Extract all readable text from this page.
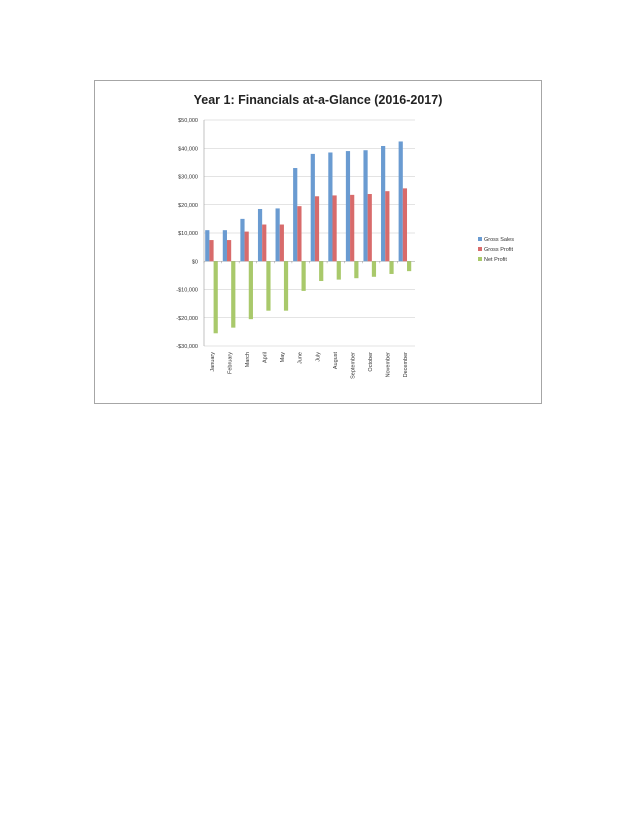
Year 1: Financials at-a-Glance (2016-2017)
$50,000
$40,000
$30,000
$20,000
$10,000
$0
-$10,000
-$20,000
-$30,000
January February March April May June July August September October November December
Gross Sales
Gross Profit
Net Profit
